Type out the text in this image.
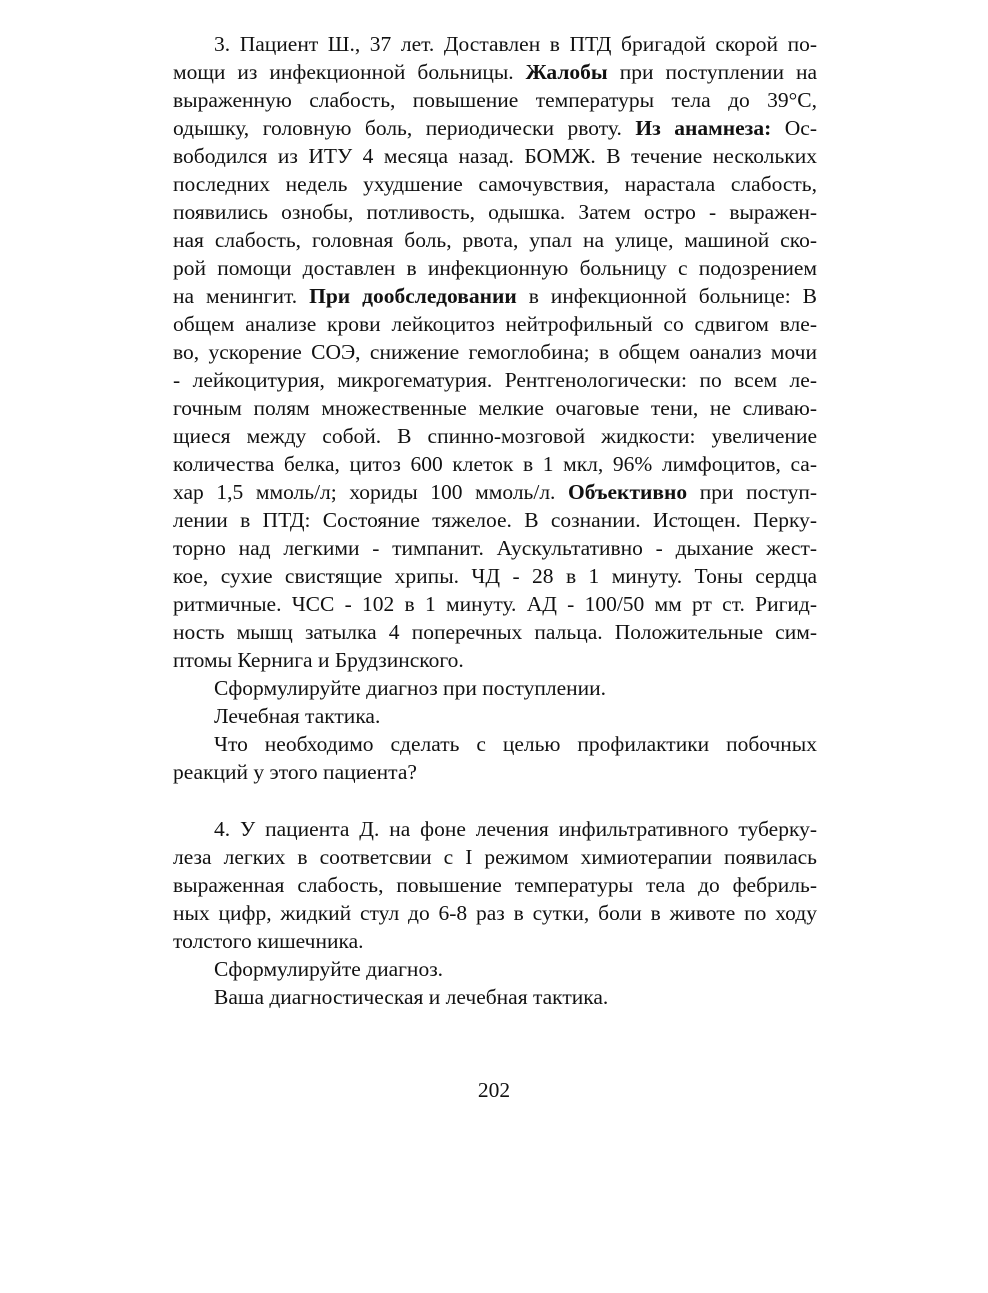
3. Пациент Ш., 37 лет. Доставлен в ПТД бригадой скорой по-
мощи из инфекционной больницы. Жалобы при поступлении на
выраженную слабость, повышение температуры тела до 39°С,
одышку, головную боль, периодически рвоту. Из анамнеза: Ос-
вободился из ИТУ 4 месяца назад. БОМЖ. В течение нескольких
последних недель ухудшение самочувствия, нарастала слабость,
появились ознобы, потливость, одышка. Затем остро - выражен-
ная слабость, головная боль, рвота, упал на улице, машиной ско-
рой помощи доставлен в инфекционную больницу с подозрением
на менингит. При дообследовании в инфекционной больнице: В
общем анализе крови лейкоцитоз нейтрофильный со сдвигом вле-
во, ускорение СОЭ, снижение гемоглобина; в общем оанализ мочи
- лейкоцитурия, микрогематурия. Рентгенологически: по всем ле-
гочным полям множественные мелкие очаговые тени, не сливаю-
щиеся между собой. В спинно-мозговой жидкости: увеличение
количества белка, цитоз 600 клеток в 1 мкл, 96% лимфоцитов, са-
хар 1,5 ммоль/л; хориды 100 ммоль/л. Объективно при поступ-
лении в ПТД: Состояние тяжелое. В сознании. Истощен. Перку-
торно над легкими - тимпанит. Аускультативно - дыхание жест-
кое, сухие свистящие хрипы. ЧД - 28 в 1 минуту. Тоны сердца
ритмичные. ЧСС - 102 в 1 минуту. АД - 100/50 мм рт ст. Ригид-
ность мышц затылка 4 поперечных пальца. Положительные сим-
птомы Кернига и Брудзинского.
Сформулируйте диагноз при поступлении.
Лечебная тактика.
Что необходимо сделать с целью профилактики побочных
реакций у этого пациента?
4. У пациента Д. на фоне лечения инфильтративного туберку-
леза легких в соответсвии с I режимом химиотерапии появилась
выраженная слабость, повышение температуры тела до фебриль-
ных цифр, жидкий стул до 6-8 раз в сутки, боли в животе по ходу
толстого кишечника.
Сформулируйте диагноз.
Ваша диагностическая и лечебная тактика.
202
